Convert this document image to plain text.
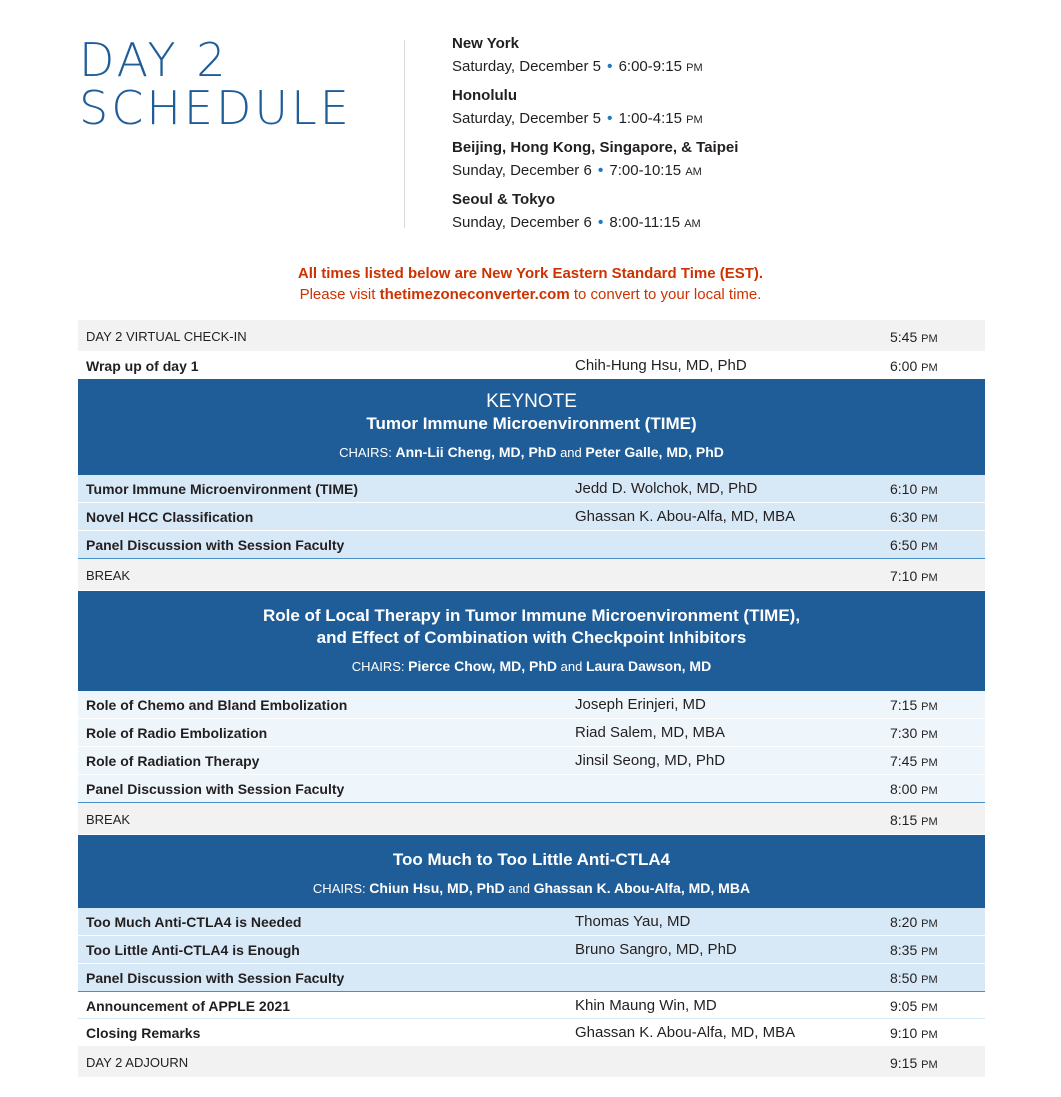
DAY 2
SCHEDULE
New York
Saturday, December 5 • 6:00-9:15 PM
Honolulu
Saturday, December 5 • 1:00-4:15 PM
Beijing, Hong Kong, Singapore, & Taipei
Sunday, December 6 • 7:00-10:15 AM
Seoul & Tokyo
Sunday, December 6 • 8:00-11:15 AM
All times listed below are New York Eastern Standard Time (EST).
Please visit thetimezoneconverter.com to convert to your local time.
DAY 2 VIRTUAL CHECK-IN	5:45 PM
Wrap up of day 1	Chih-Hung Hsu, MD, PhD	6:00 PM
KEYNOTE
Tumor Immune Microenvironment (TIME)
CHAIRS: Ann-Lii Cheng, MD, PhD and Peter Galle, MD, PhD
Tumor Immune Microenvironment (TIME)	Jedd D. Wolchok, MD, PhD	6:10 PM
Novel HCC Classification	Ghassan K. Abou-Alfa, MD, MBA	6:30 PM
Panel Discussion with Session Faculty	6:50 PM
BREAK	7:10 PM
Role of Local Therapy in Tumor Immune Microenvironment (TIME),
and Effect of Combination with Checkpoint Inhibitors
CHAIRS: Pierce Chow, MD, PhD and Laura Dawson, MD
Role of Chemo and Bland Embolization	Joseph Erinjeri, MD	7:15 PM
Role of Radio Embolization	Riad Salem, MD, MBA	7:30 PM
Role of Radiation Therapy	Jinsil Seong, MD, PhD	7:45 PM
Panel Discussion with Session Faculty	8:00 PM
BREAK	8:15 PM
Too Much to Too Little Anti-CTLA4
CHAIRS: Chiun Hsu, MD, PhD and Ghassan K. Abou-Alfa, MD, MBA
Too Much Anti-CTLA4 is Needed	Thomas Yau, MD	8:20 PM
Too Little Anti-CTLA4 is Enough	Bruno Sangro, MD, PhD	8:35 PM
Panel Discussion with Session Faculty	8:50 PM
Announcement of APPLE 2021	Khin Maung Win, MD	9:05 PM
Closing Remarks	Ghassan K. Abou-Alfa, MD, MBA	9:10 PM
DAY 2 ADJOURN	9:15 PM
